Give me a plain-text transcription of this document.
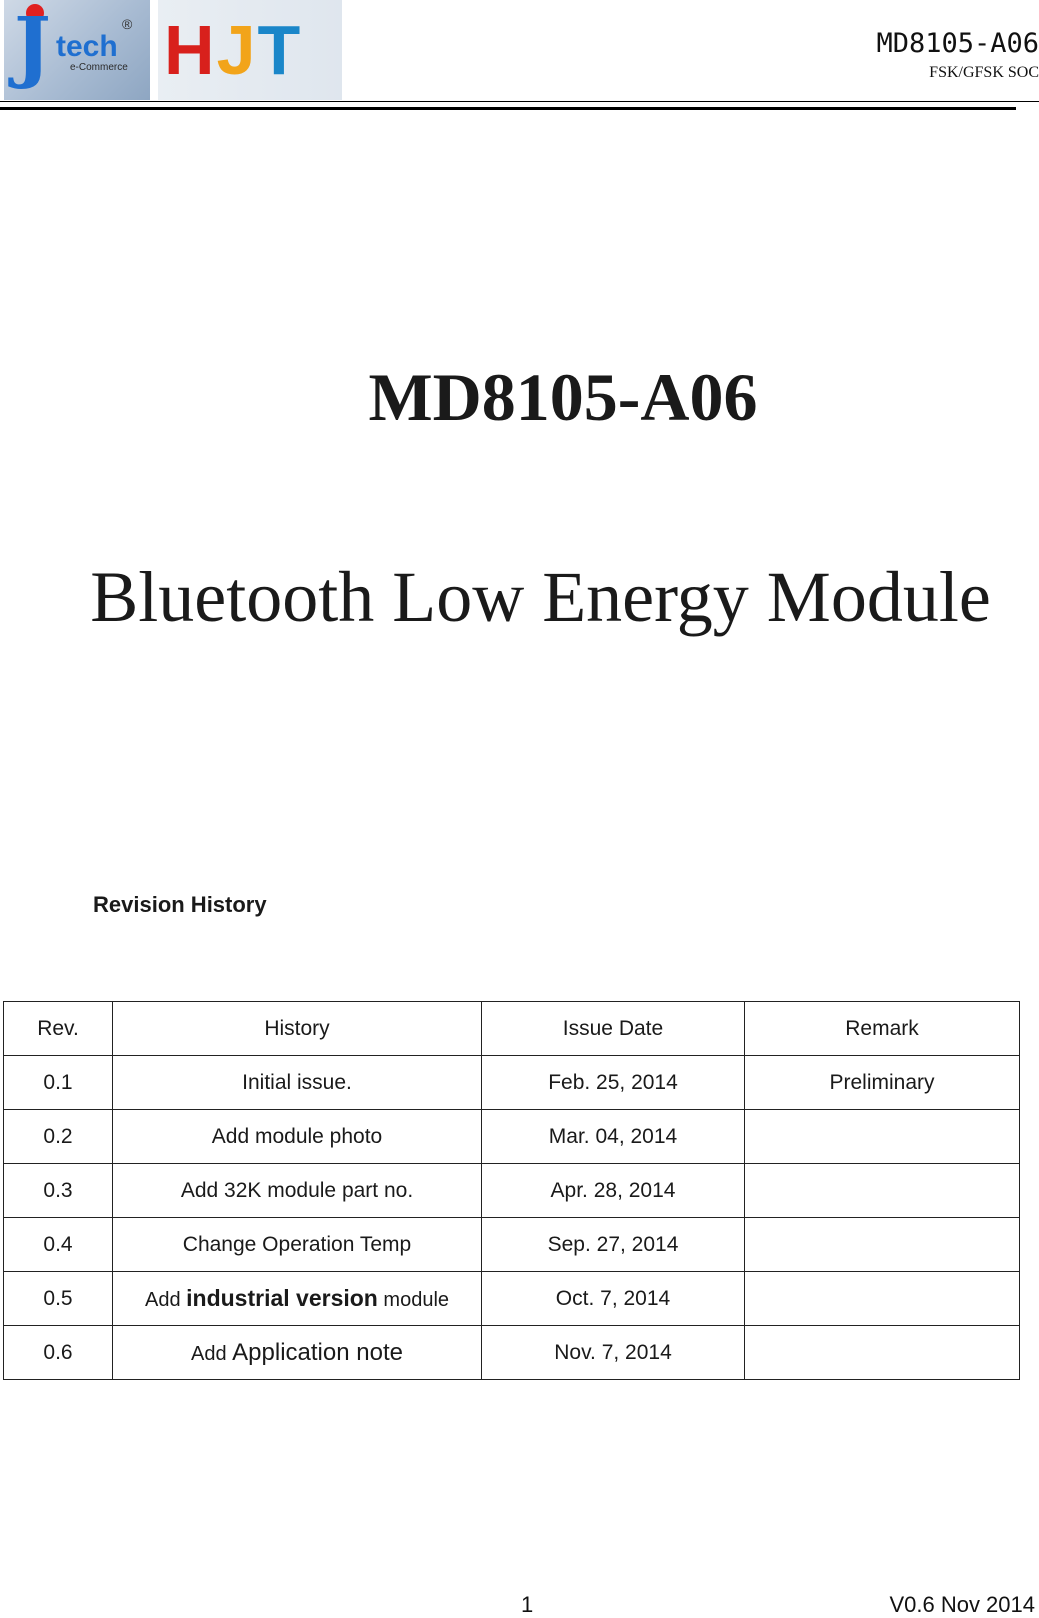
J tech
®
e-Commerce HJT	MD8105-A06
FSK/GFSK SOC
MD8105-A06
Bluetooth Low Energy Module
Revision History
Rev.	History	Issue Date	Remark
0.1	Initial issue.	Feb. 25, 2014	Preliminary
0.2	Add module photo	Mar. 04, 2014	
0.3	Add 32K module part no.	Apr. 28, 2014	
0.4	Change Operation Temp	Sep. 27, 2014	
0.5	Add industrial version module	Oct. 7, 2014	
0.6	Add Application note	Nov. 7, 2014	
1	V0.6 Nov 2014
